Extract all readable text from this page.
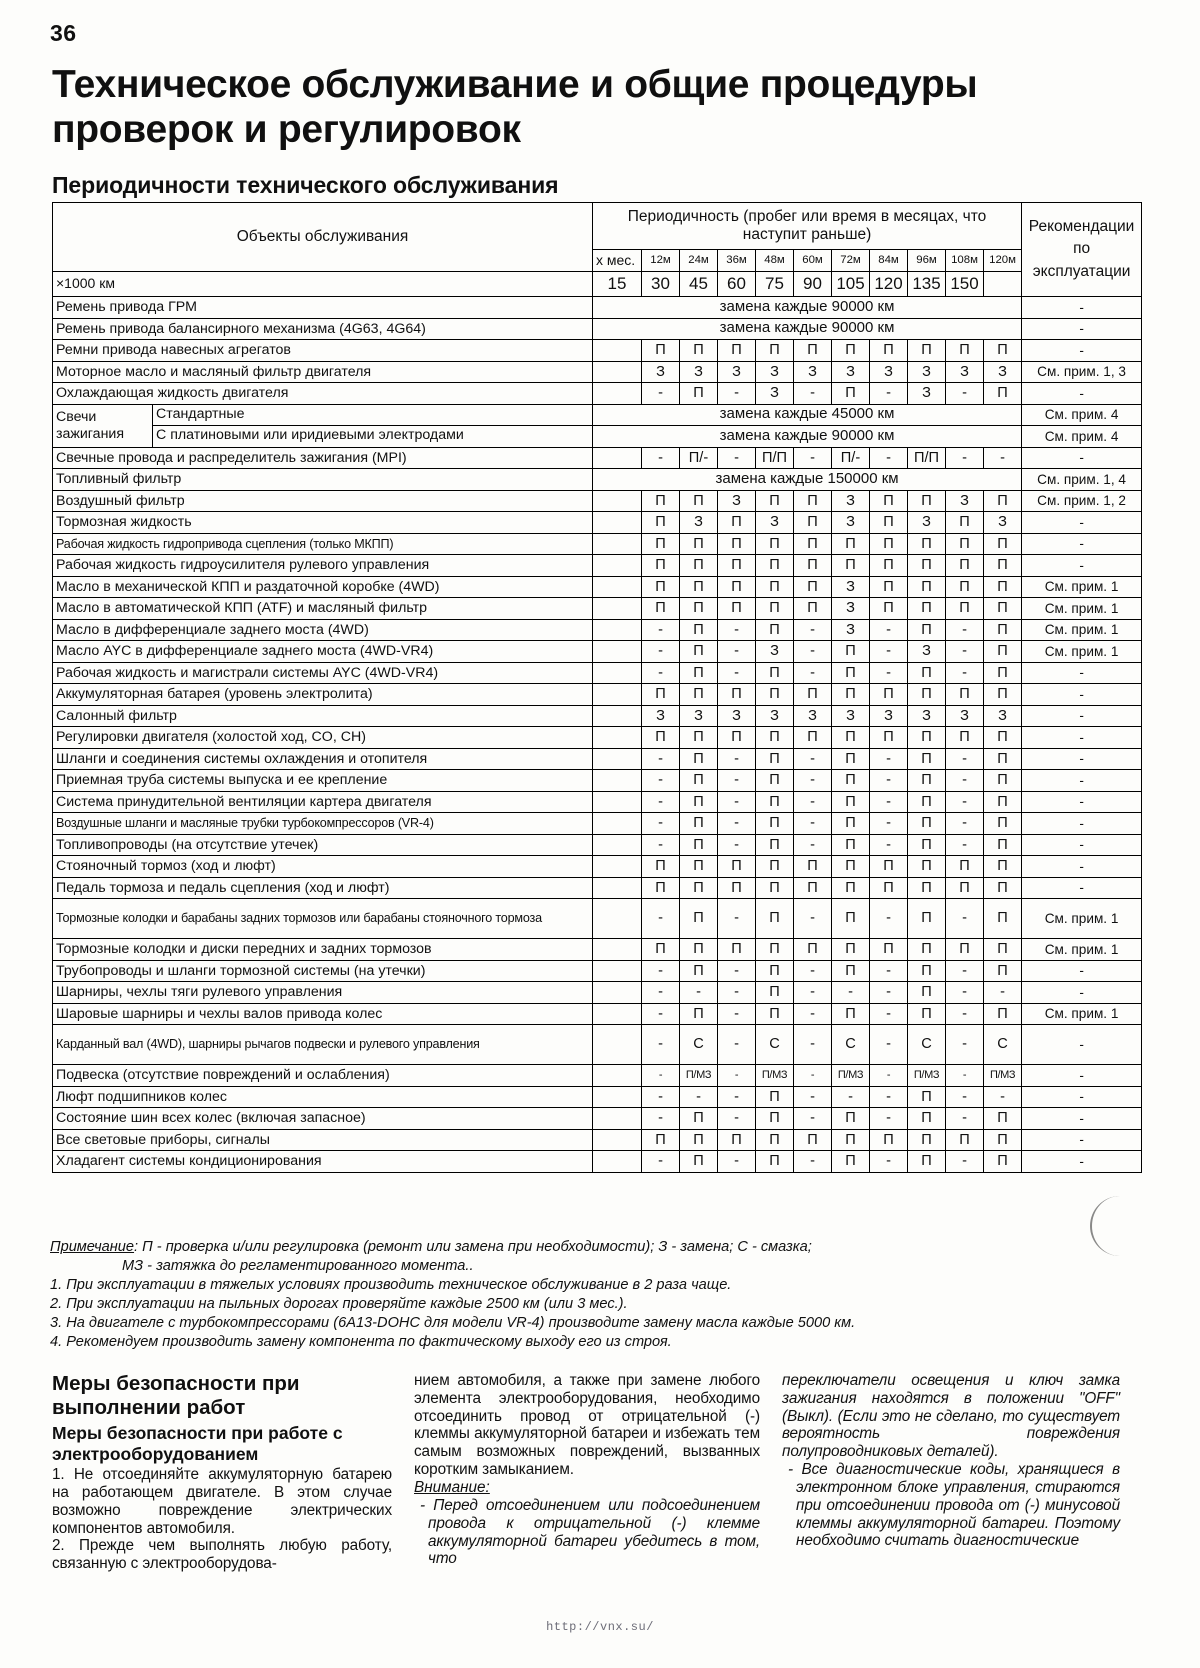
36
Техническое обслуживание и общие процедуры проверок и регулировок
Периодичности технического обслуживания
Объекты обслуживания		Периодичность (пробег или время в месяцах, что наступит раньше)											Рекомендации по эксплуатации
		x мес.	12м	24м	36м	48м	60м	72м	84м	96м	108м	120м	
×1000 км		15	30	45	60	75	90	105	120	135	150		
Ремень привода ГРМ		замена каждые 90000 км											-
Ремень привода балансирного механизма (4G63, 4G64)		замена каждые 90000 км											-
Ремни привода навесных агрегатов			П	П	П	П	П	П	П	П	П	П	-
Моторное масло и масляный фильтр двигателя			З	З	З	З	З	З	З	З	З	З	См. прим. 1, 3
Охлаждающая жидкость двигателя			-	П	-	З	-	П	-	З	-	П	-
Свечи зажигания	Стандартные	замена каждые 45000 км											См. прим. 4
	С платиновыми или иридиевыми электродами	замена каждые 90000 км											См. прим. 4
Свечные провода и распределитель зажигания (MPI)			-	П/-	-	П/П	-	П/-	-	П/П	-	-	-
Топливный фильтр		замена каждые 150000 км											См. прим. 1, 4
Воздушный фильтр			П	П	З	П	П	З	П	П	З	П	См. прим. 1, 2
Тормозная жидкость			П	З	П	З	П	З	П	З	П	З	-
Рабочая жидкость гидропривода сцепления (только МКПП)			П	П	П	П	П	П	П	П	П	П	-
Рабочая жидкость гидроусилителя рулевого управления			П	П	П	П	П	П	П	П	П	П	-
Масло в механической КПП и раздаточной коробке (4WD)			П	П	П	П	П	З	П	П	П	П	См. прим. 1
Масло в автоматической КПП (ATF) и масляный фильтр			П	П	П	П	П	З	П	П	П	П	См. прим. 1
Масло в дифференциале заднего моста (4WD)			-	П	-	П	-	З	-	П	-	П	См. прим. 1
Масло AYC в дифференциале заднего моста (4WD-VR4)			-	П	-	З	-	П	-	З	-	П	См. прим. 1
Рабочая жидкость и магистрали системы AYC (4WD-VR4)			-	П	-	П	-	П	-	П	-	П	-
Аккумуляторная батарея (уровень электролита)			П	П	П	П	П	П	П	П	П	П	-
Салонный фильтр			З	З	З	З	З	З	З	З	З	З	-
Регулировки двигателя (холостой ход, CO, CH)			П	П	П	П	П	П	П	П	П	П	-
Шланги и соединения системы охлаждения и отопителя			-	П	-	П	-	П	-	П	-	П	-
Приемная труба системы выпуска и ее крепление			-	П	-	П	-	П	-	П	-	П	-
Система принудительной вентиляции картера двигателя			-	П	-	П	-	П	-	П	-	П	-
Воздушные шланги и масляные трубки турбокомпрессоров (VR-4)			-	П	-	П	-	П	-	П	-	П	-
Топливопроводы (на отсутствие утечек)			-	П	-	П	-	П	-	П	-	П	-
Стояночный тормоз (ход и люфт)			П	П	П	П	П	П	П	П	П	П	-
Педаль тормоза и педаль сцепления (ход и люфт)			П	П	П	П	П	П	П	П	П	П	-
Тормозные колодки и барабаны задних тормозов или барабаны стояночного тормоза			-	П	-	П	-	П	-	П	-	П	См. прим. 1
Тормозные колодки и диски передних и задних тормозов			П	П	П	П	П	П	П	П	П	П	См. прим. 1
Трубопроводы и шланги тормозной системы (на утечки)			-	П	-	П	-	П	-	П	-	П	-
Шарниры, чехлы тяги рулевого управления			-	-	-	П	-	-	-	П	-	-	-
Шаровые шарниры и чехлы валов привода колес			-	П	-	П	-	П	-	П	-	П	См. прим. 1
Карданный вал (4WD), шарниры рычагов подвески и рулевого управления			-	С	-	С	-	С	-	С	-	С	-
Подвеска (отсутствие повреждений и ослабления)			-	П/МЗ	-	П/МЗ	-	П/МЗ	-	П/МЗ	-	П/МЗ	-
Люфт подшипников колес			-	-	-	П	-	-	-	П	-	-	-
Состояние шин всех колес (включая запасное)			-	П	-	П	-	П	-	П	-	П	-
Все световые приборы, сигналы			П	П	П	П	П	П	П	П	П	П	-
Хладагент системы кондиционирования			-	П	-	П	-	П	-	П	-	П	-
Примечание: П - проверка и/или регулировка (ремонт или замена при необходимости); З - замена; С - смазка;
МЗ - затяжка до регламентированного момента..
1. При эксплуатации в тяжелых условиях производить техническое обслуживание в 2 раза чаще.
2. При эксплуатации на пыльных дорогах проверяйте каждые 2500 км (или 3 мес.).
3. На двигателе с турбокомпрессорами (6A13-DOHC для модели VR-4) производите замену масла каждые 5000 км.
4. Рекомендуем производить замену компонента по фактическому выходу его из строя.
Меры безопасности при выполнении работ
Меры безопасности при работе с электрооборудованием

1. Не отсоединяйте аккумуляторную батарею на работающем двигателе. В этом случае возможно повреждение электрических компонентов автомобиля.

2. Прежде чем выполнять любую работу, связанную с электрооборудова-

нием автомобиля, а также при замене любого элемента электрооборудования, необходимо отсоединить провод от отрицательной (-) клеммы аккумуляторной батареи и избежать тем самым возможных повреждений, вызванных коротким замыканием.

Внимание:

- Перед отсоединением или подсоединением провода к отрицательной (-) клемме аккумуляторной батареи убедитесь в том, что

переключатели освещения и ключ замка зажигания находятся в положении "OFF" (Выкл). (Если это не сделано, то существует вероятность повреждения полупроводниковых деталей).

- Все диагностические коды, хранящиеся в электронном блоке управления, стираются при отсоединении провода от (-) минусовой клеммы аккумуляторной батареи. Поэтому необходимо считать диагностические

http://vnx.su/
